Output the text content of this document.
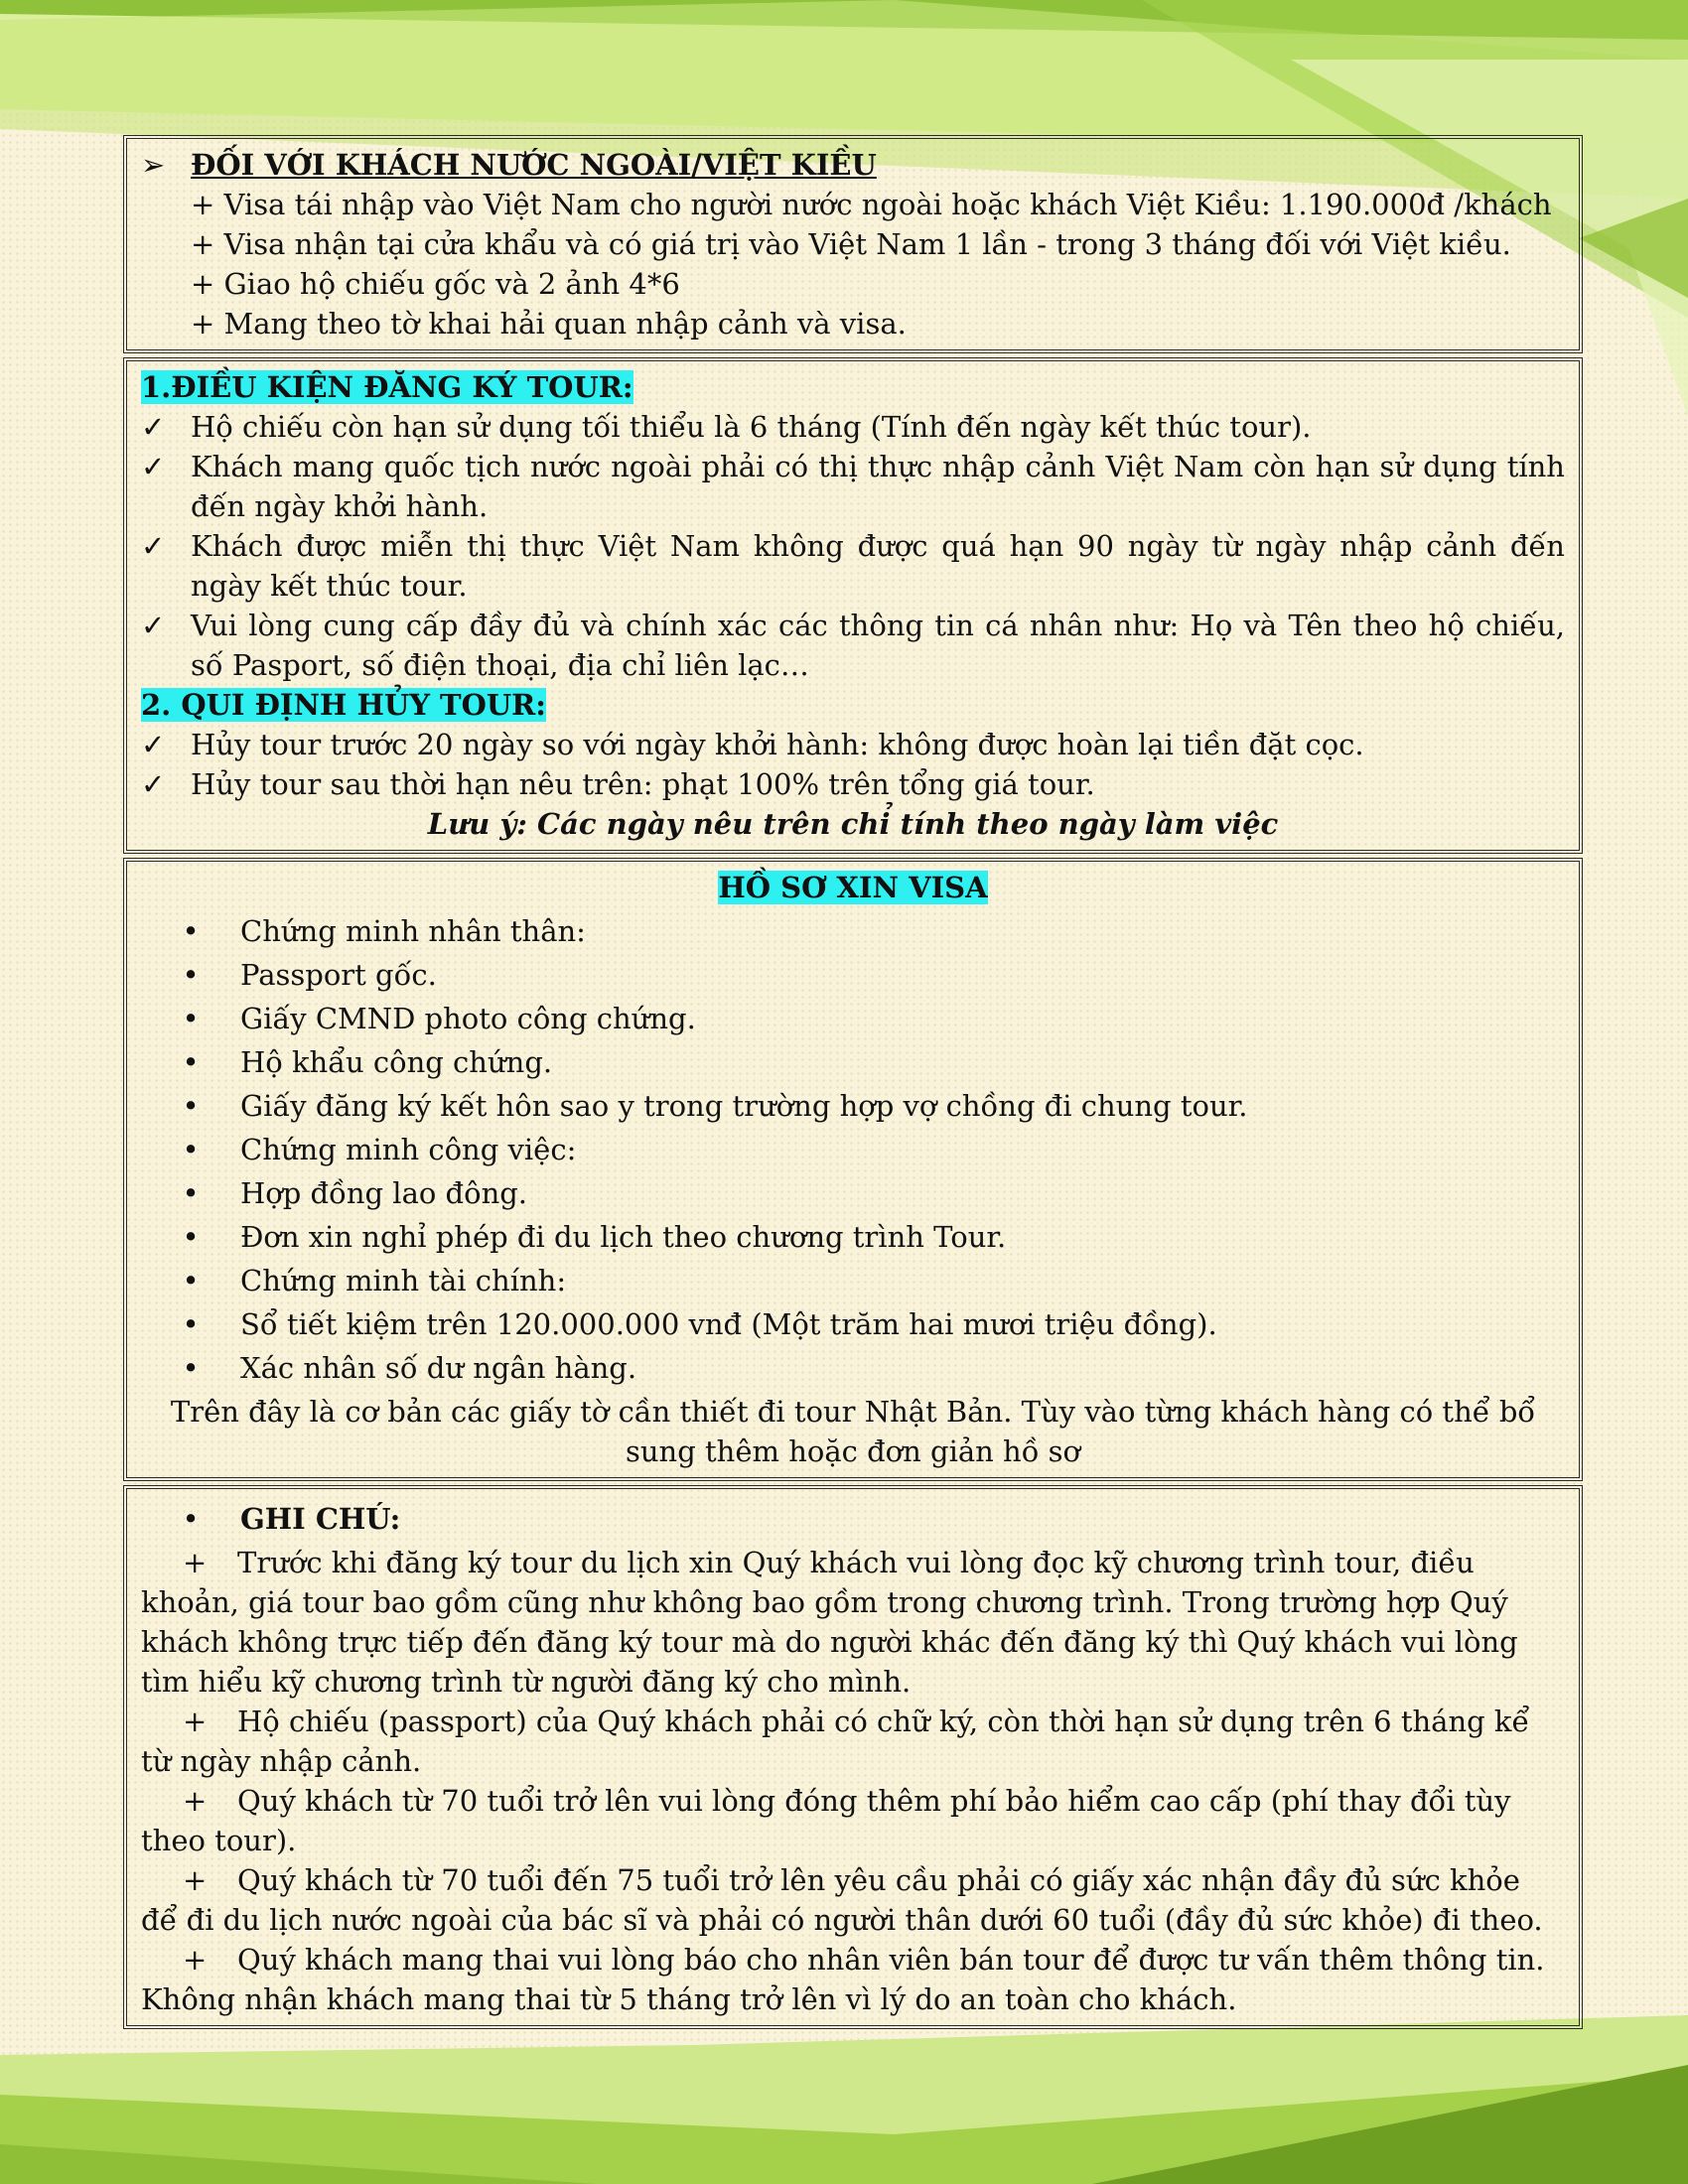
➢ ĐỐI VỚI KHÁCH NƯỚC NGOÀI/VIỆT KIỀU
+ Visa tái nhập vào Việt Nam cho người nước ngoài hoặc khách Việt Kiều: 1.190.000đ /khách
+ Visa nhận tại cửa khẩu và có giá trị vào Việt Nam 1 lần - trong 3 tháng đối với Việt kiều.
+ Giao hộ chiếu gốc và 2 ảnh 4*6
+ Mang theo tờ khai hải quan nhập cảnh và visa.
1.ĐIỀU KIỆN ĐĂNG KÝ TOUR:
✓ Hộ chiếu còn hạn sử dụng tối thiểu là 6 tháng (Tính đến ngày kết thúc tour).
✓ Khách mang quốc tịch nước ngoài phải có thị thực nhập cảnh Việt Nam còn hạn sử dụng tính đến ngày khởi hành.
✓ Khách được miễn thị thực Việt Nam không được quá hạn 90 ngày từ ngày nhập cảnh đến ngày kết thúc tour.
✓ Vui lòng cung cấp đầy đủ và chính xác các thông tin cá nhân như: Họ và Tên theo hộ chiếu, số Pasport, số điện thoại, địa chỉ liên lạc…
2. QUI ĐỊNH HỦY TOUR:
✓ Hủy tour trước 20 ngày so với ngày khởi hành: không được hoàn lại tiền đặt cọc.
✓ Hủy tour sau thời hạn nêu trên: phạt 100% trên tổng giá tour.
Lưu ý: Các ngày nêu trên chỉ tính theo ngày làm việc
HỒ SƠ XIN VISA
•	Chứng minh nhân thân:
•	Passport gốc.
•	Giấy CMND photo công chứng.
•	Hộ khẩu công chứng.
•	Giấy đăng ký kết hôn sao y trong trường hợp vợ chồng đi chung tour.
•	Chứng minh công việc:
•	Hợp đồng lao đông.
•	Đơn xin nghỉ phép đi du lịch theo chương trình Tour.
•	Chứng minh tài chính:
•	Sổ tiết kiệm trên 120.000.000 vnđ (Một trăm hai mươi triệu đồng).
•	Xác nhân số dư ngân hàng.
Trên đây là cơ bản các giấy tờ cần thiết đi tour Nhật Bản. Tùy vào từng khách hàng có thể bổ sung thêm hoặc đơn giản hồ sơ
•	GHI CHÚ:
+ Trước khi đăng ký tour du lịch xin Quý khách vui lòng đọc kỹ chương trình tour, điều khoản, giá tour bao gồm cũng như không bao gồm trong chương trình. Trong trường hợp Quý khách không trực tiếp đến đăng ký tour mà do người khác đến đăng ký thì Quý khách vui lòng tìm hiểu kỹ chương trình từ người đăng ký cho mình.
+ Hộ chiếu (passport) của Quý khách phải có chữ ký, còn thời hạn sử dụng trên 6 tháng kể từ ngày nhập cảnh.
+ Quý khách từ 70 tuổi trở lên vui lòng đóng thêm phí bảo hiểm cao cấp (phí thay đổi tùy theo tour).
+ Quý khách từ 70 tuổi đến 75 tuổi trở lên yêu cầu phải có giấy xác nhận đầy đủ sức khỏe để đi du lịch nước ngoài của bác sĩ và phải có người thân dưới 60 tuổi (đầy đủ sức khỏe) đi theo.
+ Quý khách mang thai vui lòng báo cho nhân viên bán tour để được tư vấn thêm thông tin. Không nhận khách mang thai từ 5 tháng trở lên vì lý do an toàn cho khách.
